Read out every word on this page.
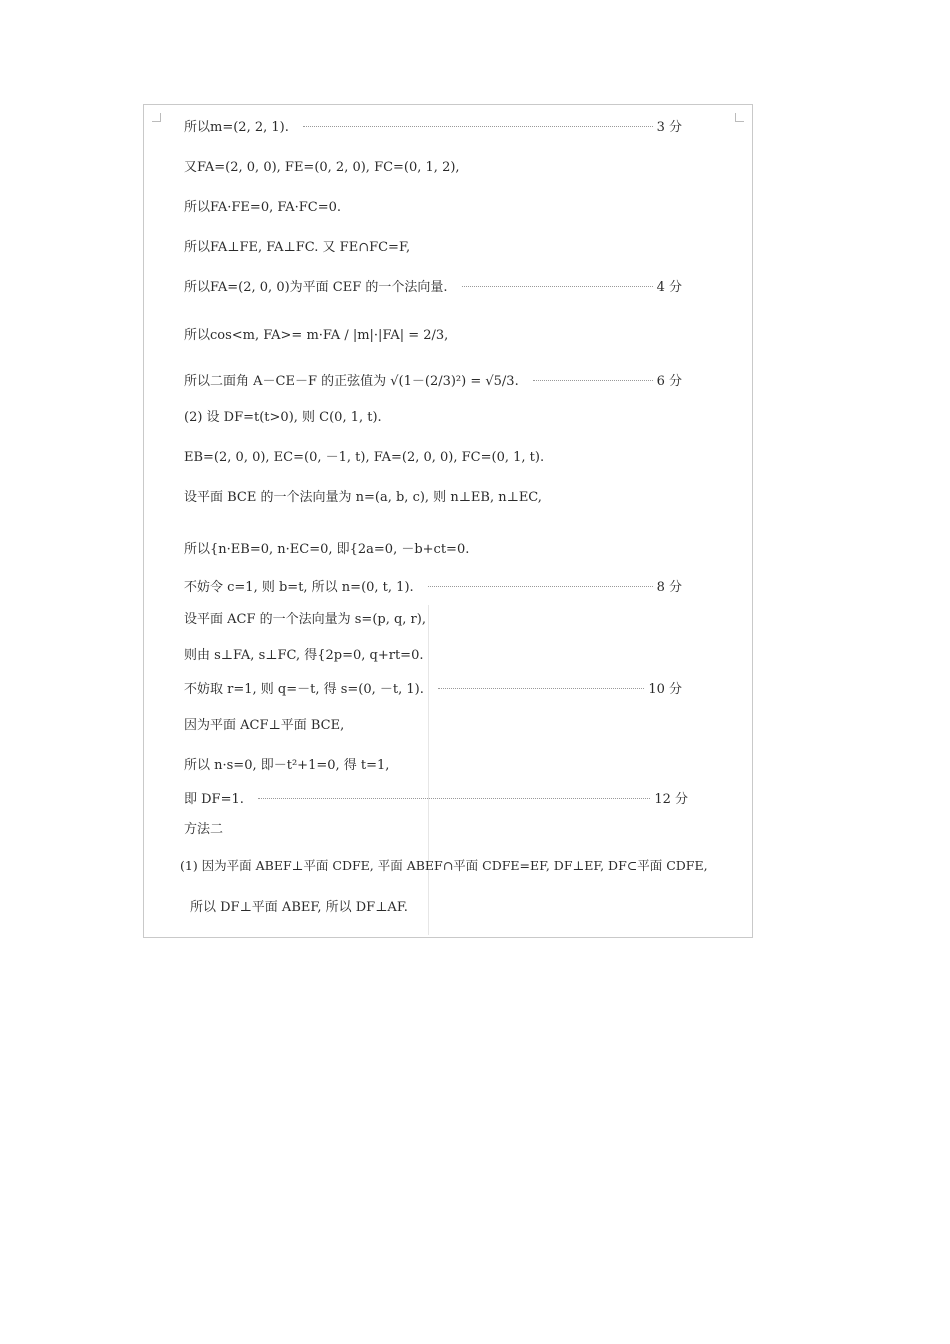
所以m=(2, 2, 1).	3 分
又FA=(2, 0, 0), FE=(0, 2, 0), FC=(0, 1, 2),
所以FA·FE=0, FA·FC=0.
所以FA⊥FE, FA⊥FC. 又 FE∩FC=F,
所以FA=(2, 0, 0)为平面 CEF 的一个法向量.	4 分
所以cos<m, FA>= m·FA / |m|·|FA| = 2/3,
所以二面角 A－CE－F 的正弦值为 √(1－(2/3)²) = √5/3.	6 分
(2) 设 DF=t(t>0), 则 C(0, 1, t).
EB=(2, 0, 0), EC=(0, －1, t), FA=(2, 0, 0), FC=(0, 1, t).
设平面 BCE 的一个法向量为 n=(a, b, c), 则 n⊥EB, n⊥EC,
所以{n·EB=0, n·EC=0, 即{2a=0, －b+ct=0.
不妨令 c=1, 则 b=t, 所以 n=(0, t, 1).	8 分
设平面 ACF 的一个法向量为 s=(p, q, r),
则由 s⊥FA, s⊥FC, 得{2p=0, q+rt=0.
不妨取 r=1, 则 q=－t, 得 s=(0, －t, 1).	10 分
因为平面 ACF⊥平面 BCE,
所以 n·s=0, 即－t²+1=0, 得 t=1,
即 DF=1.	12 分
方法二
(1) 因为平面 ABEF⊥平面 CDFE, 平面 ABEF∩平面 CDFE=EF, DF⊥EF, DF⊂平面 CDFE,
所以 DF⊥平面 ABEF, 所以 DF⊥AF.
